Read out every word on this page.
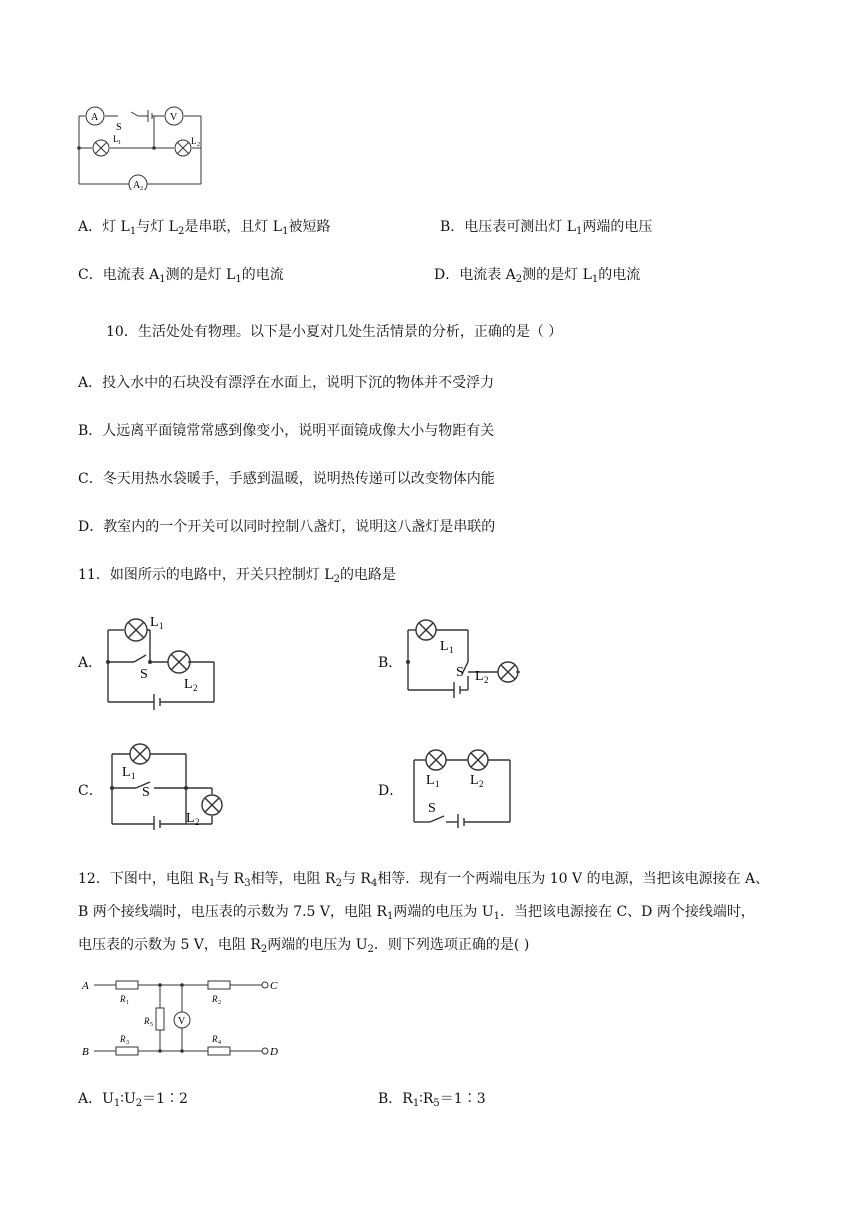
A	V
S
L 1	L 2
A 2
A．灯 $L_1$与灯 $L_2$是串联，且灯 $L_1$被短路	B．电压表可测出灯 $L_1$两端的电压
C．电流表 $A_1$测的是灯 $L_1$的电流	D．电流表 $A_2$测的是灯 $L_1$的电流
10．生活处处有物理。以下是小夏对几处生活情景的分析，正确的是（ ）
A．投入水中的石块没有漂浮在水面上，说明下沉的物体并不受浮力
B．人远离平面镜常常感到像变小，说明平面镜成像大小与物距有关
C．冬天用热水袋暖手，手感到温暖，说明热传递可以改变物体内能
D．教室内的一个开关可以同时控制八盏灯，说明这八盏灯是串联的
11．如图所示的电路中，开关只控制灯 $L_2$的电路是
A．
L 1
S
L 2
B．
L 1
S L 2
C．
L 1
S
L 2
D．
L 1 L 2
S
12．下图中，电阻 $R_1$与 $R_3$相等，电阻 $R_2$与 $R_4$相等．现有一个两端电压为 10 V 的电源，当把该电源接在 A、
B 两个接线端时，电压表的示数为 7.5 V，电阻 $R_1$两端的电压为 $U_1$．当把该电源接在 C、D 两个接线端时，
电压表的示数为 5 V，电阻 $R_2$两端的电压为 $U_2$．则下列选项正确的是( )
A
B
C
D
R 1	R 2
R 3	R 4
R 5	V
A．$U_1∶U_2=1∶2$	B．$R_1∶R_5=1∶3$
